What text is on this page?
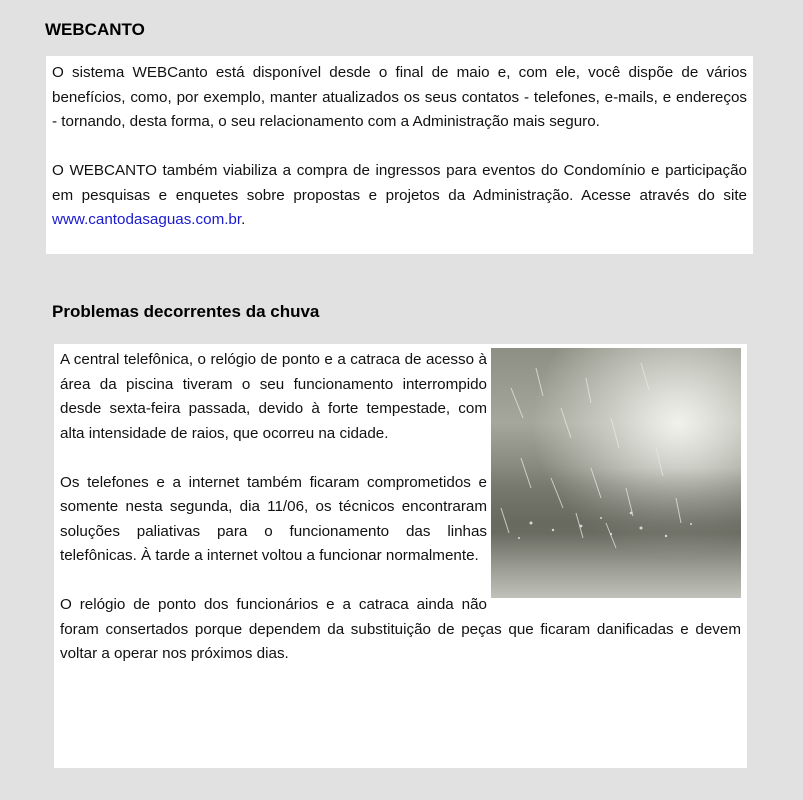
WEBCANTO

O sistema WEBCanto está disponível desde o final de maio e, com ele, você dispõe de vários benefícios, como, por exemplo, manter atualizados os seus contatos - telefones, e-mails, e endereços - tornando, desta forma, o seu relacionamento com a Administração mais seguro.

O WEBCANTO também viabiliza a compra de ingressos para eventos do Condomínio e participação em pesquisas e enquetes sobre propostas e projetos da Administração. Acesse através do site www.cantodasaguas.com.br.

Problemas decorrentes da chuva

A central telefônica, o relógio de ponto e a catraca de acesso à área da piscina tiveram o seu funcionamento interrompido desde sexta-feira passada, devido à forte tempestade, com alta intensidade de raios, que ocorreu na cidade.

Os telefones e a internet também ficaram comprometidos e somente nesta segunda, dia 11/06, os técnicos encontraram soluções paliativas para o funcionamento das linhas telefônicas. À tarde a internet voltou a funcionar normalmente.

O relógio de ponto dos funcionários e a catraca ainda não foram consertados porque dependem da substituição de peças que ficaram danificadas e devem voltar a operar nos próximos dias.
